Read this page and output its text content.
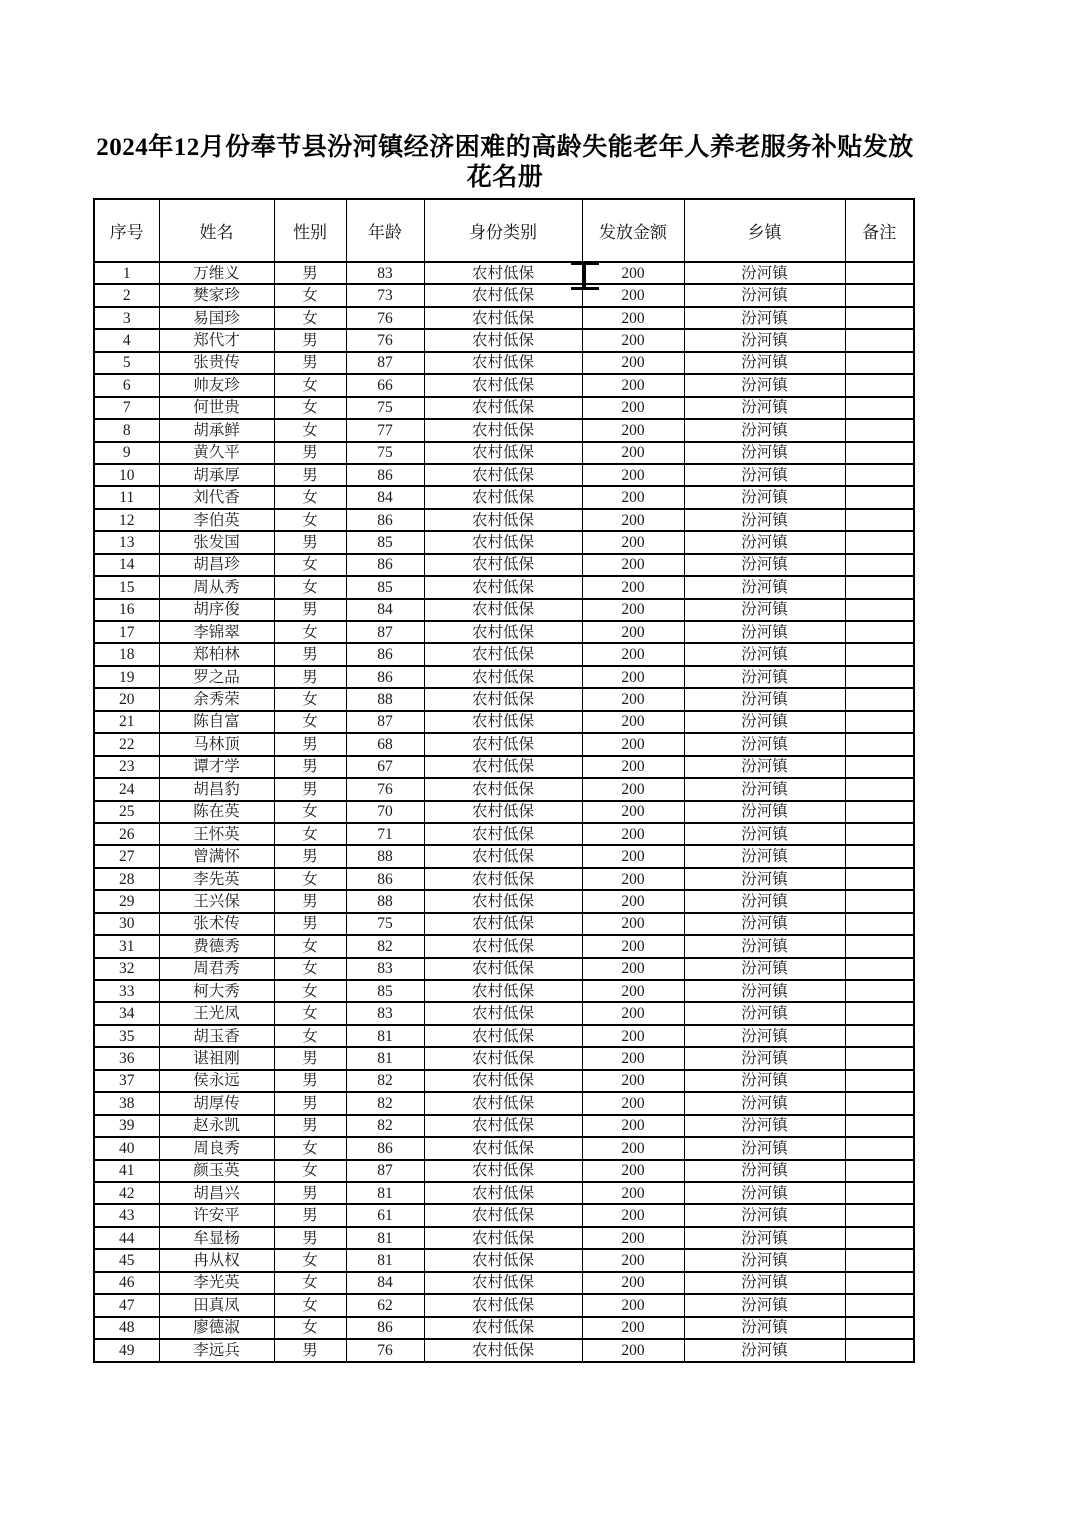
2024年12月份奉节县汾河镇经济困难的高龄失能老年人养老服务补贴发放花名册
序号	姓名	性别	年龄	身份类别	发放金额	乡镇	备注
1	万维义	男	83	农村低保	200	汾河镇	
2	樊家珍	女	73	农村低保	200	汾河镇	
3	易国珍	女	76	农村低保	200	汾河镇	
4	郑代才	男	76	农村低保	200	汾河镇	
5	张贵传	男	87	农村低保	200	汾河镇	
6	帅友珍	女	66	农村低保	200	汾河镇	
7	何世贵	女	75	农村低保	200	汾河镇	
8	胡承鲜	女	77	农村低保	200	汾河镇	
9	黄久平	男	75	农村低保	200	汾河镇	
10	胡承厚	男	86	农村低保	200	汾河镇	
11	刘代香	女	84	农村低保	200	汾河镇	
12	李伯英	女	86	农村低保	200	汾河镇	
13	张发国	男	85	农村低保	200	汾河镇	
14	胡昌珍	女	86	农村低保	200	汾河镇	
15	周从秀	女	85	农村低保	200	汾河镇	
16	胡序俊	男	84	农村低保	200	汾河镇	
17	李锦翠	女	87	农村低保	200	汾河镇	
18	郑柏林	男	86	农村低保	200	汾河镇	
19	罗之品	男	86	农村低保	200	汾河镇	
20	余秀荣	女	88	农村低保	200	汾河镇	
21	陈自富	女	87	农村低保	200	汾河镇	
22	马林顶	男	68	农村低保	200	汾河镇	
23	谭才学	男	67	农村低保	200	汾河镇	
24	胡昌豹	男	76	农村低保	200	汾河镇	
25	陈在英	女	70	农村低保	200	汾河镇	
26	王怀英	女	71	农村低保	200	汾河镇	
27	曾满怀	男	88	农村低保	200	汾河镇	
28	李先英	女	86	农村低保	200	汾河镇	
29	王兴保	男	88	农村低保	200	汾河镇	
30	张术传	男	75	农村低保	200	汾河镇	
31	费德秀	女	82	农村低保	200	汾河镇	
32	周君秀	女	83	农村低保	200	汾河镇	
33	柯大秀	女	85	农村低保	200	汾河镇	
34	王光凤	女	83	农村低保	200	汾河镇	
35	胡玉香	女	81	农村低保	200	汾河镇	
36	谌祖刚	男	81	农村低保	200	汾河镇	
37	侯永远	男	82	农村低保	200	汾河镇	
38	胡厚传	男	82	农村低保	200	汾河镇	
39	赵永凯	男	82	农村低保	200	汾河镇	
40	周良秀	女	86	农村低保	200	汾河镇	
41	颜玉英	女	87	农村低保	200	汾河镇	
42	胡昌兴	男	81	农村低保	200	汾河镇	
43	许安平	男	61	农村低保	200	汾河镇	
44	牟显杨	男	81	农村低保	200	汾河镇	
45	冉从权	女	81	农村低保	200	汾河镇	
46	李光英	女	84	农村低保	200	汾河镇	
47	田真凤	女	62	农村低保	200	汾河镇	
48	廖德淑	女	86	农村低保	200	汾河镇	
49	李远兵	男	76	农村低保	200	汾河镇	
